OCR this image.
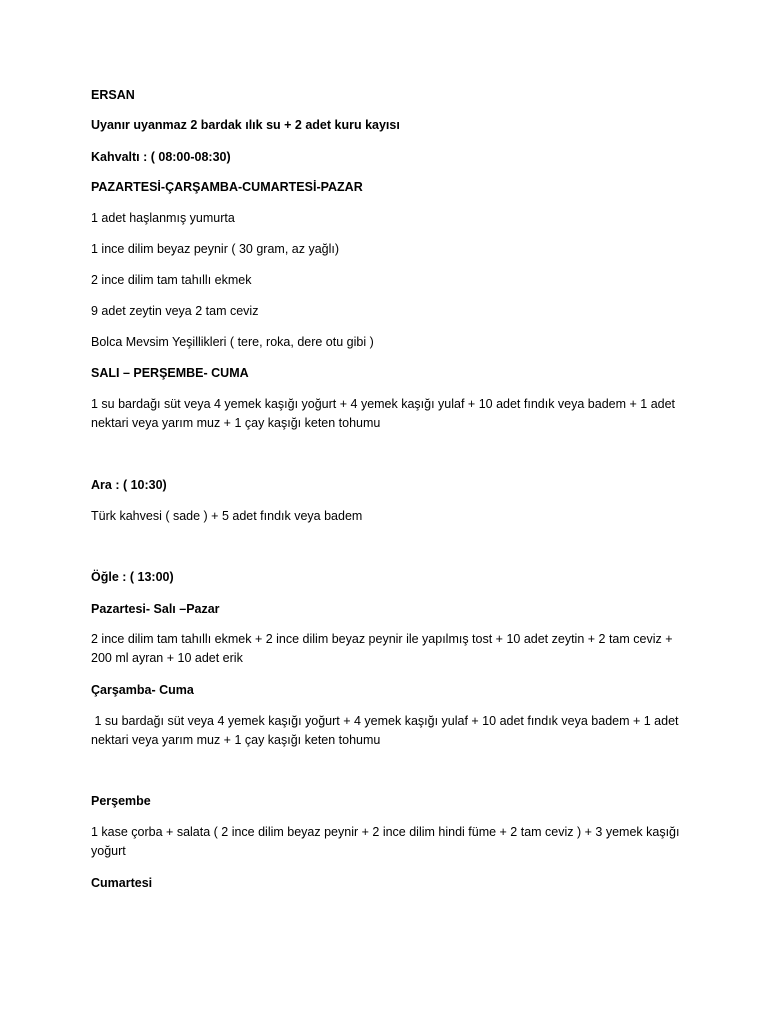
ERSAN
Uyanır uyanmaz 2 bardak ılık su + 2 adet kuru kayısı
Kahvaltı : ( 08:00-08:30)
PAZARTESİ-ÇARŞAMBA-CUMARTESİ-PAZAR
1 adet haşlanmış yumurta
1 ince dilim beyaz peynir ( 30 gram, az yağlı)
2 ince dilim tam tahıllı ekmek
9 adet zeytin veya 2 tam ceviz
Bolca Mevsim Yeşillikleri ( tere, roka, dere otu gibi )
SALI – PERŞEMBE- CUMA
1 su bardağı süt veya 4 yemek kaşığı yoğurt + 4 yemek kaşığı yulaf + 10 adet fındık veya badem + 1 adet nektari veya yarım muz + 1 çay kaşığı keten tohumu
Ara : ( 10:30)
Türk kahvesi ( sade ) + 5 adet fındık veya badem
Öğle : ( 13:00)
Pazartesi- Salı –Pazar
2 ince dilim tam tahıllı ekmek + 2 ince dilim beyaz peynir ile yapılmış tost + 10 adet zeytin + 2 tam ceviz + 200 ml ayran + 10 adet erik
Çarşamba- Cuma
1 su bardağı süt veya 4 yemek kaşığı yoğurt + 4 yemek kaşığı yulaf + 10 adet fındık veya badem + 1 adet nektari veya yarım muz + 1 çay kaşığı keten tohumu
Perşembe
1 kase çorba + salata ( 2 ince dilim beyaz peynir + 2 ince dilim hindi füme + 2 tam ceviz ) + 3 yemek kaşığı yoğurt
Cumartesi
